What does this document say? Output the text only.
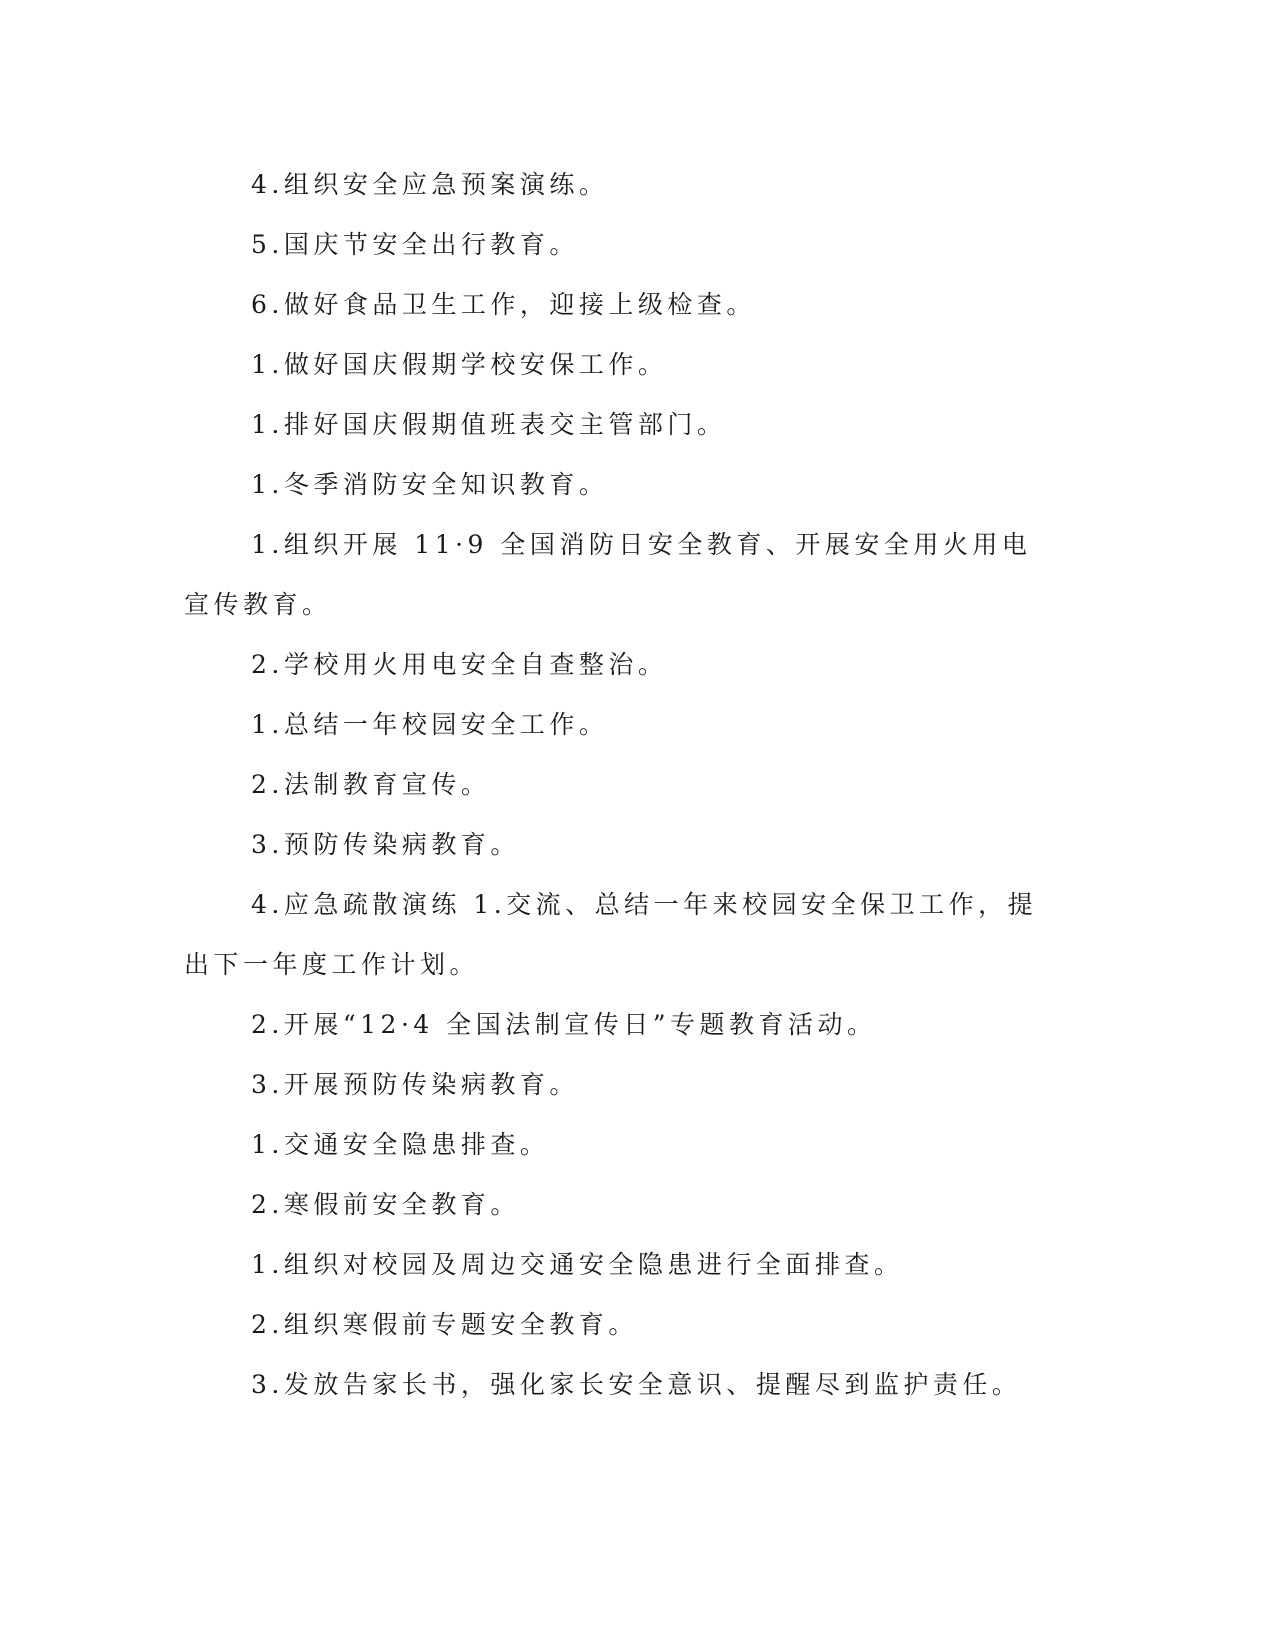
4.组织安全应急预案演练。

5.国庆节安全出行教育。

6.做好食品卫生工作，迎接上级检查。

1.做好国庆假期学校安保工作。

1.排好国庆假期值班表交主管部门。

1.冬季消防安全知识教育。

1.组织开展 11·9 全国消防日安全教育、开展安全用火用电宣传教育。

2.学校用火用电安全自查整治。

1.总结一年校园安全工作。

2.法制教育宣传。

3.预防传染病教育。

4.应急疏散演练 1.交流、总结一年来校园安全保卫工作，提出下一年度工作计划。

2.开展“12·4 全国法制宣传日”专题教育活动。

3.开展预防传染病教育。

1.交通安全隐患排查。

2.寒假前安全教育。

1.组织对校园及周边交通安全隐患进行全面排查。

2.组织寒假前专题安全教育。

3.发放告家长书，强化家长安全意识、提醒尽到监护责任。
